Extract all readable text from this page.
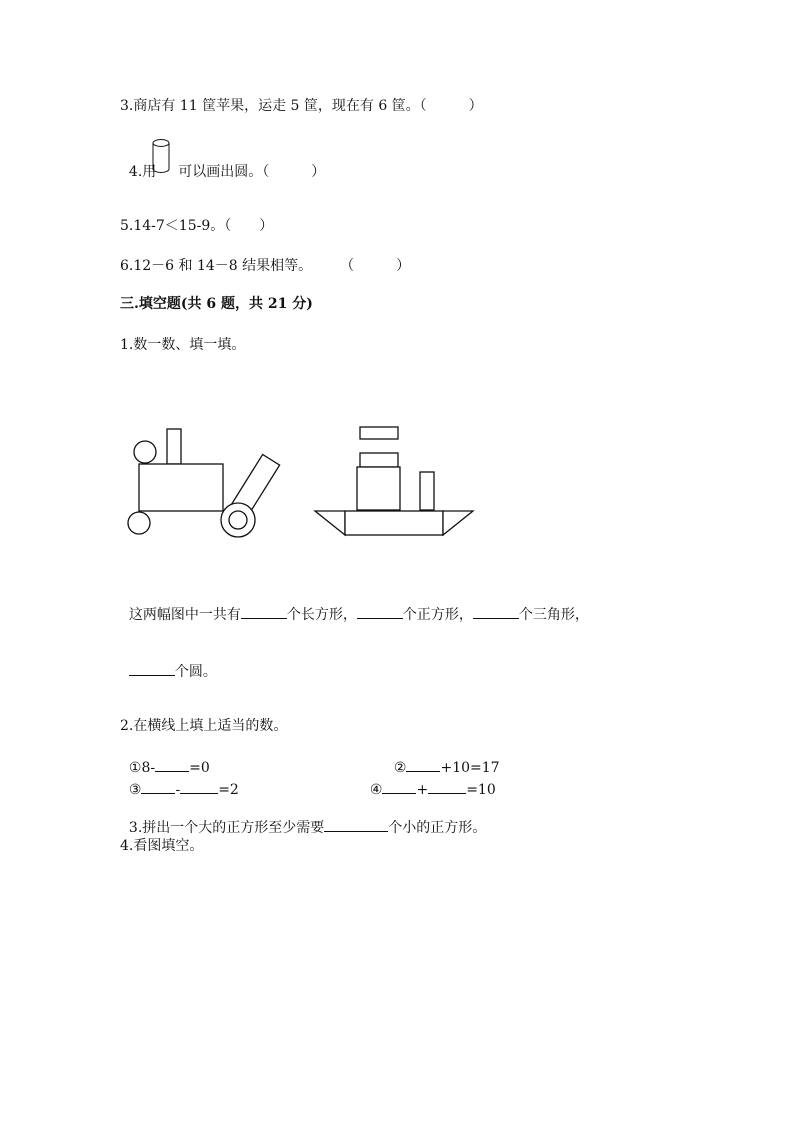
3.商店有 11 筐苹果，运走 5 筐，现在有 6 筐。（　　　）

4.用 可以画出圆。（　　　）

5.14-7＜15-9。（　　）
6.12－6 和 14－8 结果相等。　　　（　　　）
三.填空题(共 6 题，共 21 分)
1.数一数、填一填。

这两幅图中一共有	个长方形，	个正方形，	个三角形，

个圆。

2.在横线上填上适当的数。

①8- =0	② +10=17

③ -	=2	④ +	=10

3.拼出一个大的正方形至少需要	个小的正方形。

4.看图填空。
